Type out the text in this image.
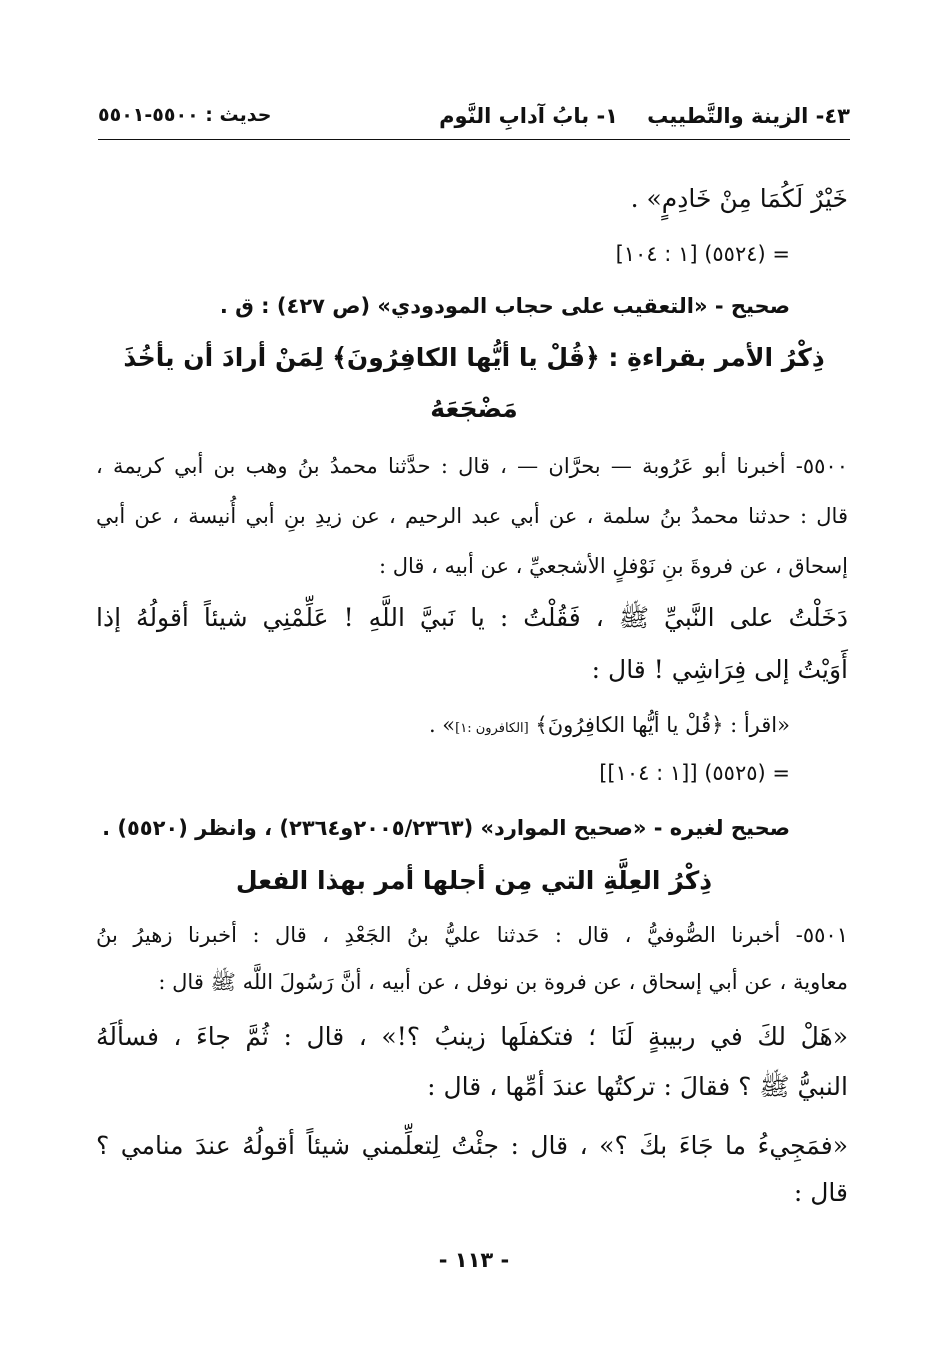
٤٣- الزينة والتَّطييب
١- بابُ آدابِ النَّوم
حديث : ٥٥٠٠-٥٥٠١
خَيْرٌ لَكُمَا مِنْ خَادِمٍ» .
= (٥٥٢٤) [١ : ١٠٤]
صحيح - «التعقيب على حجاب المودودي» (ص ٤٢٧) : ق .
ذِكْرُ الأمر بقراءةِ : ﴿قُلْ يا أيُّها الكافِرُونَ﴾ لِمَنْ أرادَ أن يأخُذَ
مَضْجَعَهُ
٥٥٠٠- أخبرنا أبو عَرُوبة — بحرَّان — ، قال : حدَّثنا محمدُ بنُ وهب بن أبي كريمة ،
قال : حدثنا محمدُ بنُ سلمة ، عن أبي عبد الرحيم ، عن زيدِ بنِ أبي أُنيسة ، عن أبي
إسحاق ، عن فروةَ بنِ نَوْفلٍ الأشجعيِّ ، عن أبيه ، قال :
دَخَلْتُ على النَّبيِّ ﷺ ، فَقُلْتُ : يا نَبيَّ اللَّهِ ! عَلِّمْنِي شيئاً أقولُهُ إذا
أَوَيْتُ إلى فِرَاشِي ! قال :
«اقرأ : ﴿قُلْ يا أيُّها الكافِرُونَ﴾ [الكافرون :١]» .
= (٥٥٢٥) [[١ : ١٠٤]]
صحيح لغيره - «صحيح الموارد» (٢٠٠٥/٢٣٦٣و٢٣٦٤) ، وانظر (٥٥٢٠) .
ذِكْرُ العِلَّةِ التي مِن أجلها أمر بهذا الفعل
٥٥٠١- أخبرنا الصُّوفيُّ ، قال : حَدثنا عليُّ بنُ الجَعْدِ ، قال : أخبرنا زهيرُ بنُ
معاوية ، عن أبي إسحاق ، عن فروة بن نوفل ، عن أبيه ، أنَّ رَسُولَ اللَّه ﷺ قال :
«هَلْ لكَ في ربيبةٍ لَنَا ؛ فتكفلَها زينبُ ؟!» ، قال : ثُمَّ جاءَ ، فسألَهُ
النبيُّ ﷺ ؟ فقالَ : تركتُها عندَ أمِّها ، قال :
«فمَجِيءُ ما جَاءَ بكَ ؟» ، قال : جئْتُ لِتعلِّمني شيئاً أقولُهُ عندَ منامي ؟
قال :
- ١١٣ -
